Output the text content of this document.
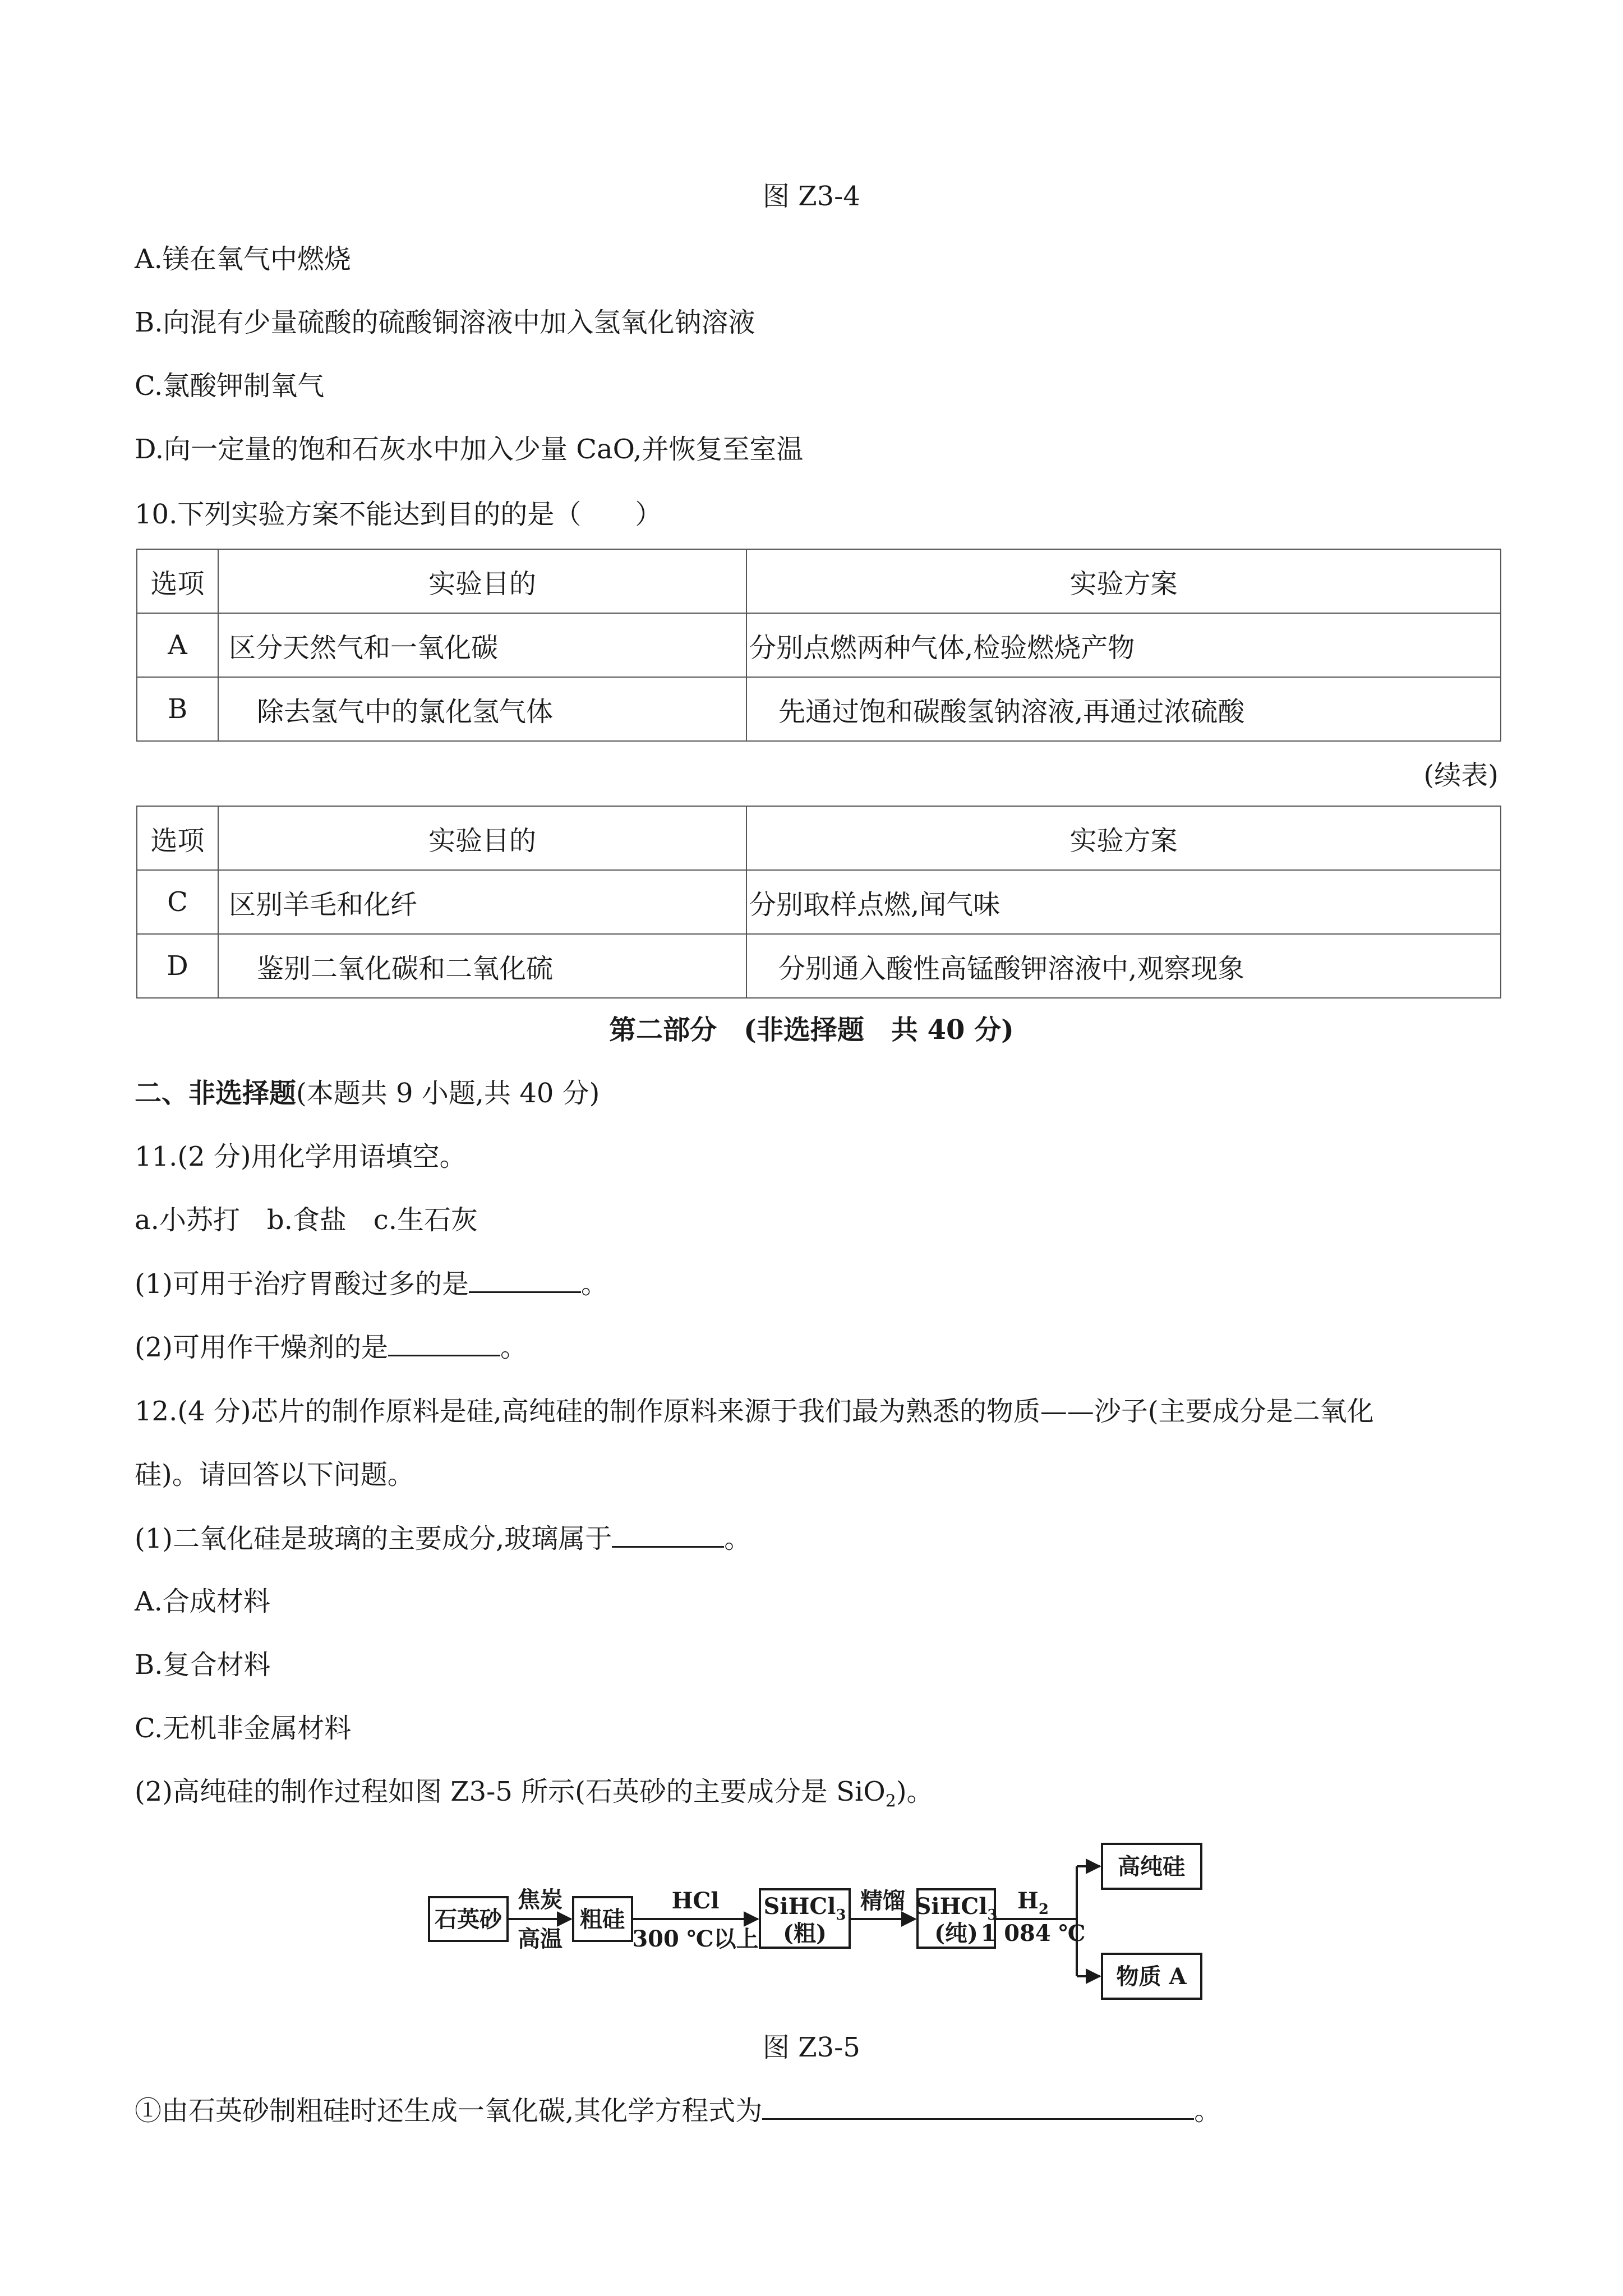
图 Z3-4
A.镁在氧气中燃烧
B.向混有少量硫酸的硫酸铜溶液中加入氢氧化钠溶液
C.氯酸钾制氧气
D.向一定量的饱和石灰水中加入少量 CaO,并恢复至室温
10.下列实验方案不能达到目的的是（　　）
选项	实验目的	实验方案
A	区分天然气和一氧化碳	分别点燃两种气体,检验燃烧产物
B	除去氢气中的氯化氢气体	先通过饱和碳酸氢钠溶液,再通过浓硫酸
(续表)
选项	实验目的	实验方案
C	区别羊毛和化纤	分别取样点燃,闻气味
D	鉴别二氧化碳和二氧化硫	分别通入酸性高锰酸钾溶液中,观察现象
第二部分　(非选择题　共 40 分)
二、非选择题(本题共 9 小题,共 40 分)
11.(2 分)用化学用语填空。
a.小苏打　b.食盐　c.生石灰
(1)可用于治疗胃酸过多的是	。
(2)可用作干燥剂的是	。
12.(4 分)芯片的制作原料是硅,高纯硅的制作原料来源于我们最为熟悉的物质——沙子(主要成分是二氧化
硅)。请回答以下问题。
(1)二氧化硅是玻璃的主要成分,玻璃属于	。
A.合成材料
B.复合材料
C.无机非金属材料
(2)高纯硅的制作过程如图 Z3-5 所示(石英砂的主要成分是 SiO$_2$)。
石英砂
焦炭
高温
粗硅
HCl
300 ℃以上
SiHCl$_3$
(粗)
精馏 SiHCl$_3$
(纯)
$H_2$
1 084 ℃
高纯硅
物质 A
图 Z3-5
①由石英砂制粗硅时还生成一氧化碳,其化学方程式为	。
